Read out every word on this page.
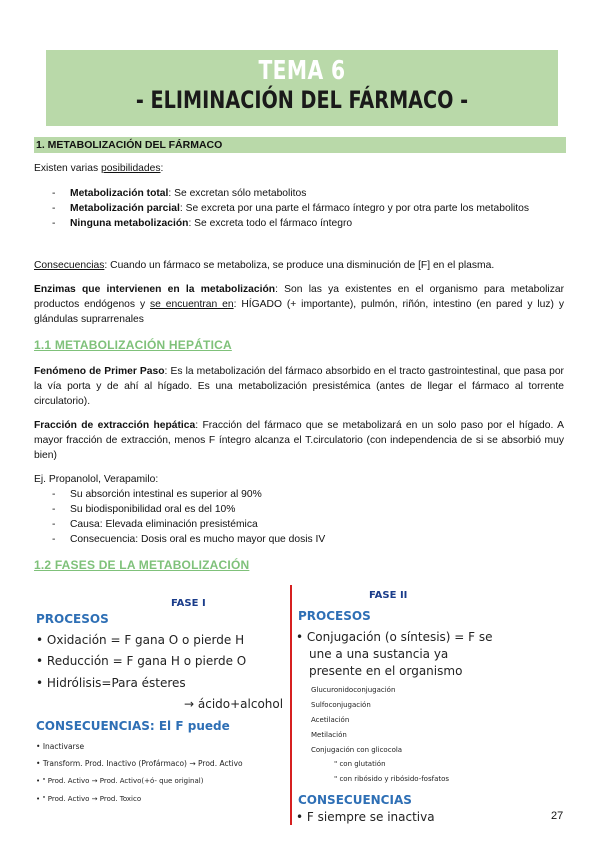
TEMA 6
- ELIMINACIÓN DEL FÁRMACO -
1. METABOLIZACIÓN DEL FÁRMACO
Existen varias posibilidades:
- Metabolización total: Se excretan sólo metabolitos
- Metabolización parcial: Se excreta por una parte el fármaco íntegro y por otra parte los metabolitos
- Ninguna metabolización: Se excreta todo el fármaco íntegro
Consecuencias: Cuando un fármaco se metaboliza, se produce una disminución de [F] en el plasma.
Enzimas que intervienen en la metabolización: Son las ya existentes en el organismo para metabolizar productos endógenos y se encuentran en: HÍGADO (+ importante), pulmón, riñón, intestino (en pared y luz) y glándulas suprarrenales
1.1 METABOLIZACIÓN HEPÁTICA
Fenómeno de Primer Paso: Es la metabolización del fármaco absorbido en el tracto gastrointestinal, que pasa por la vía porta y de ahí al hígado. Es una metabolización presistémica (antes de llegar el fármaco al torrente circulatorio).
Fracción de extracción hepática: Fracción del fármaco que se metabolizará en un solo paso por el hígado. A mayor fracción de extracción, menos F íntegro alcanza el T.circulatorio (con independencia de si se absorbió muy bien)
Ej. Propanolol, Verapamilo:
- Su absorción intestinal es superior al 90%
- Su biodisponibilidad oral es del 10%
- Causa: Elevada eliminación presistémica
- Consecuencia: Dosis oral es mucho mayor que dosis IV
1.2 FASES DE LA METABOLIZACIÓN
FASE I
PROCESOS
• Oxidación = F gana O o pierde H
• Reducción = F gana H o pierde O
• Hidrólisis=Para ésteres
→ ácido+alcohol
CONSECUENCIAS: El F puede
• Inactivarse
• Transform. Prod. Inactivo (Profármaco) → Prod. Activo
• " Prod. Activo → Prod. Activo(+ó- que original)
• " Prod. Activo → Prod. Toxico
FASE II
PROCESOS
• Conjugación (o síntesis) = F se
une a una sustancia ya
presente en el organismo
Glucuronidoconjugación
Sulfoconjugación
Acetilación
Metilación
Conjugación con glicocola
" con glutatión
" con ribósido y ribósido-fosfatos
CONSECUENCIAS
• F siempre se inactiva	27
